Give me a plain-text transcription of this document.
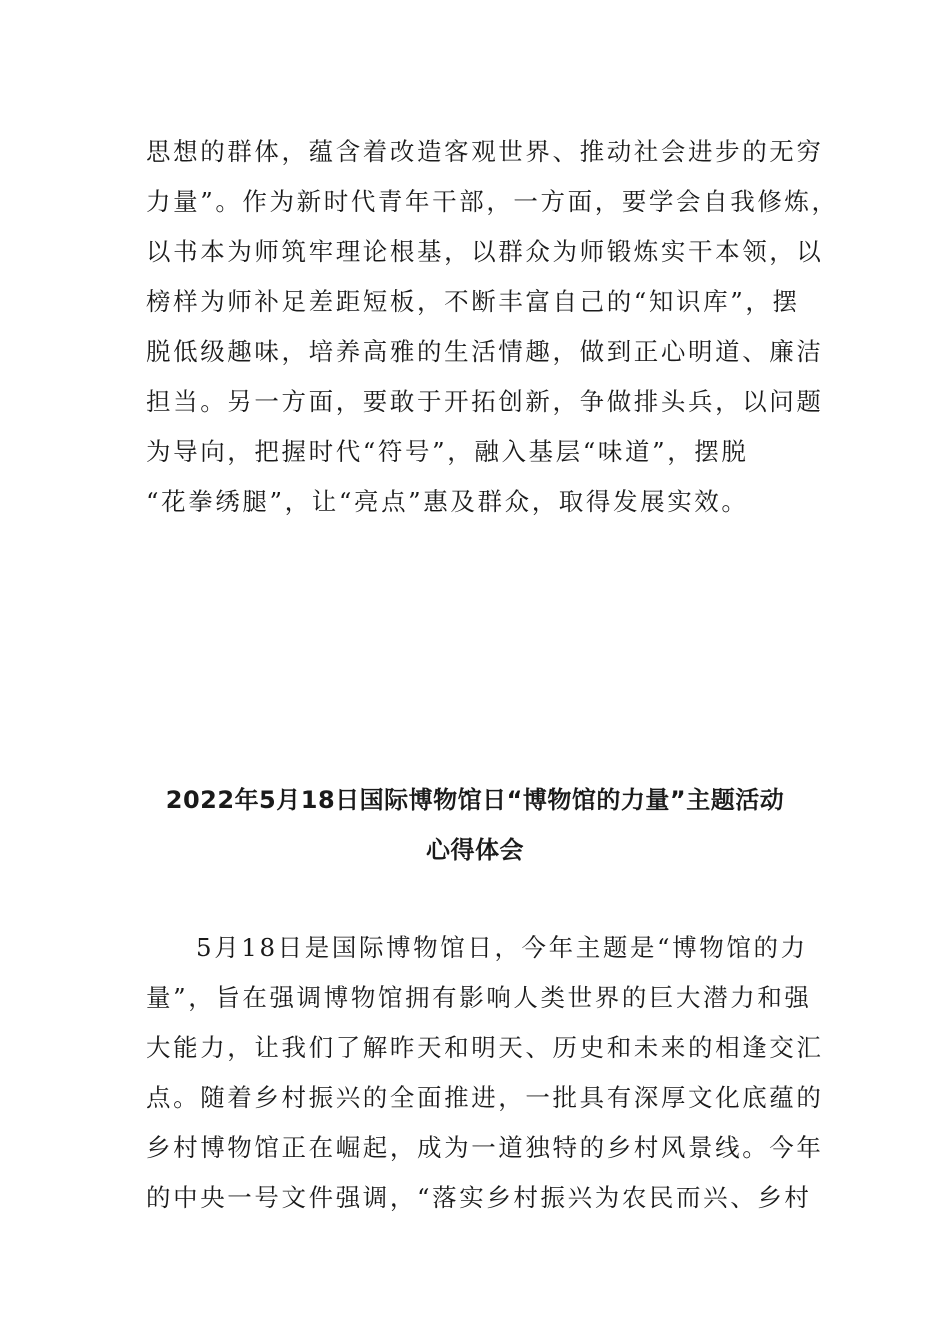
思想的群体，蕴含着改造客观世界、推动社会进步的无穷
力量”。作为新时代青年干部，一方面，要学会自我修炼，
以书本为师筑牢理论根基，以群众为师锻炼实干本领，以
榜样为师补足差距短板，不断丰富自己的“知识库”，摆
脱低级趣味，培养高雅的生活情趣，做到正心明道、廉洁
担当。另一方面，要敢于开拓创新，争做排头兵，以问题
为导向，把握时代“符号”，融入基层“味道”，摆脱
“花拳绣腿”，让“亮点”惠及群众，取得发展实效。
2022年5月18日国际博物馆日“博物馆的力量”主题活动
心得体会
5月18日是国际博物馆日，今年主题是“博物馆的力
量”，旨在强调博物馆拥有影响人类世界的巨大潜力和强
大能力，让我们了解昨天和明天、历史和未来的相逢交汇
点。随着乡村振兴的全面推进，一批具有深厚文化底蕴的
乡村博物馆正在崛起，成为一道独特的乡村风景线。今年
的中央一号文件强调，“落实乡村振兴为农民而兴、乡村
